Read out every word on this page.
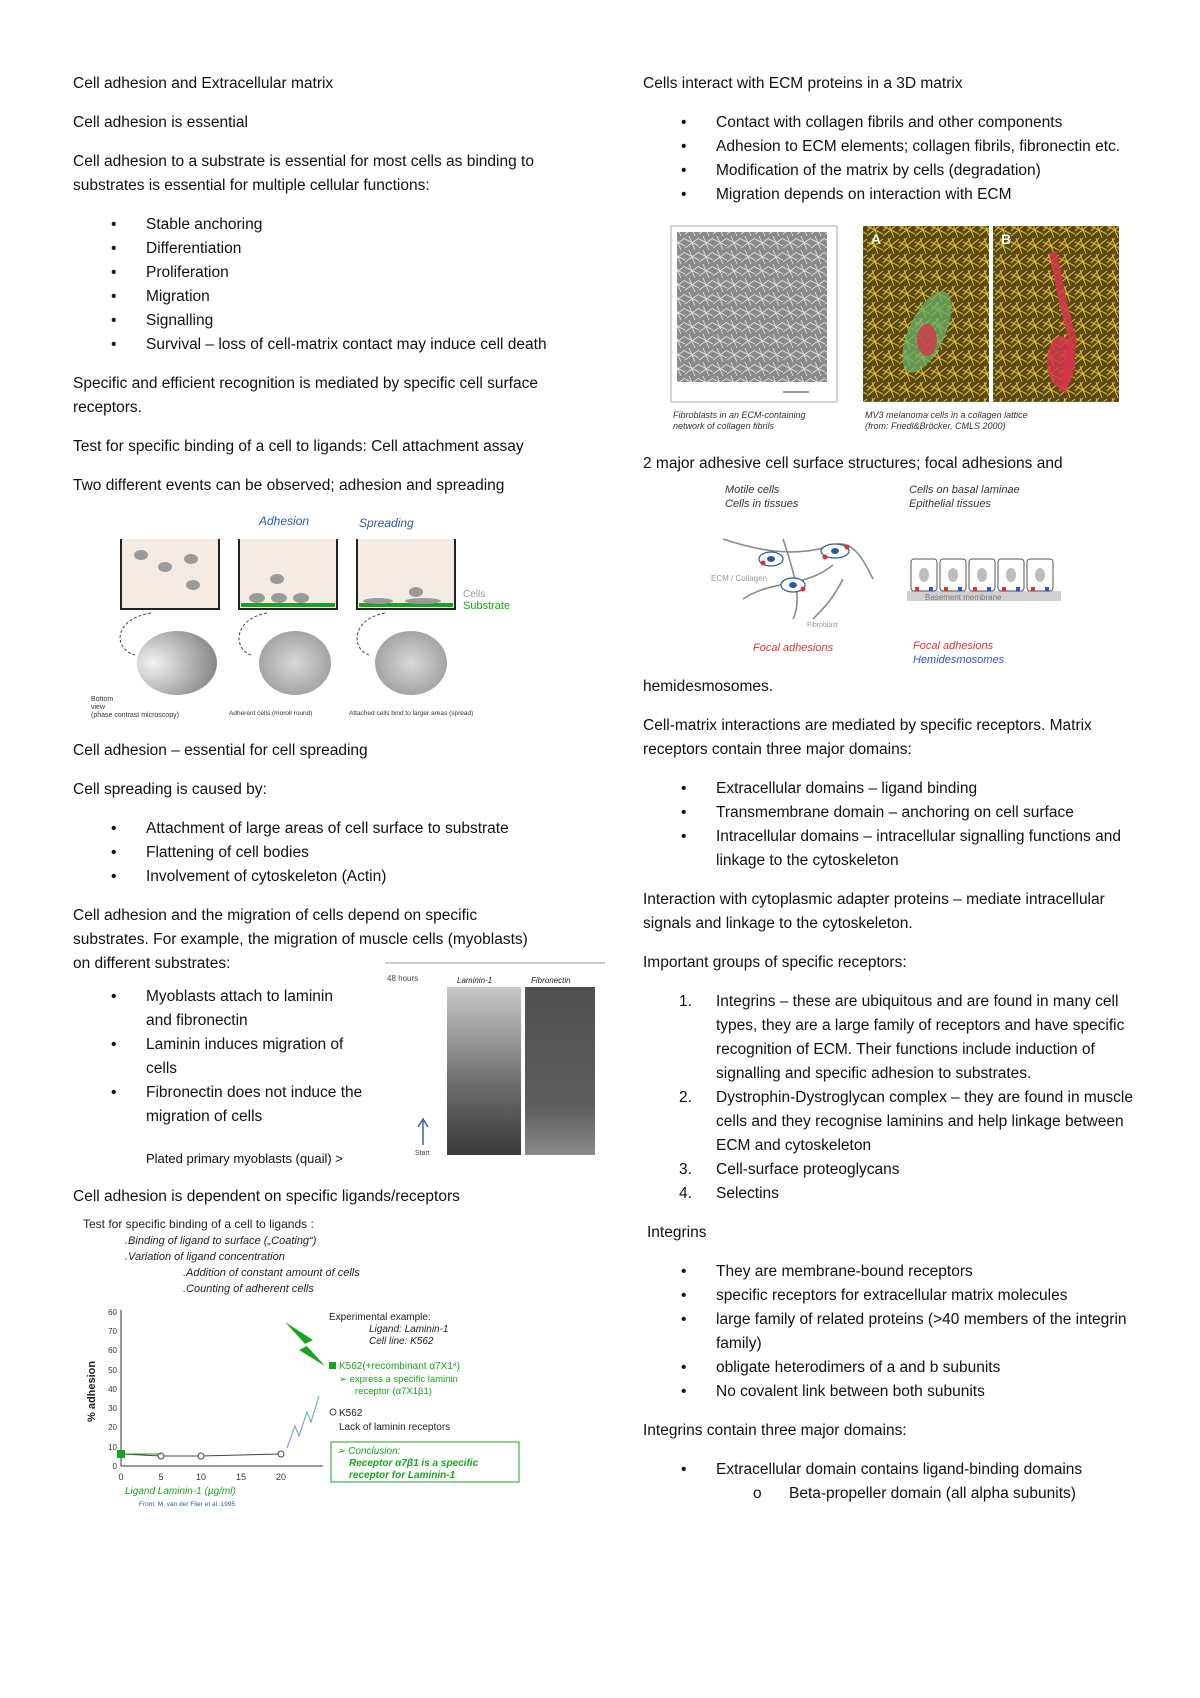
Cell adhesion and Extracellular matrix

Cell adhesion is essential

Cell adhesion to a substrate is essential for most cells as binding to substrates is essential for multiple cellular functions:

• Stable anchoring
• Differentiation
• Proliferation
• Migration
• Signalling
• Survival – loss of cell-matrix contact may induce cell death

Specific and efficient recognition is mediated by specific cell surface receptors.

Test for specific binding of a cell to ligands: Cell attachment assay

Two different events can be observed; adhesion and spreading

Adhesion	Spreading
Cells
Substrate
Bottom view (phase contrast microscopy)	Adherent cells (moroll round)	Attached cells bind to larger areas (spread)

Cell adhesion – essential for cell spreading

Cell spreading is caused by:

• Attachment of large areas of cell surface to substrate
• Flattening of cell bodies
• Involvement of cytoskeleton (Actin)

Cell adhesion and the migration of cells depend on specific substrates. For example, the migration of muscle cells (myoblasts) on different substrates:

• Myoblasts attach to laminin and fibronectin
• Laminin induces migration of cells
• Fibronectin does not induce the migration of cells
Plated primary myoblasts (quail) >
48 hours	Laminin-1	Fibronectin
Start

Cell adhesion is dependent on specific ligands/receptors

Test for specific binding of a cell to ligands :
.Binding of ligand to surface („Coating“)
.Variation of ligand concentration
.Addition of constant amount of cells
.Counting of adherent cells
60
70
60
50
40
30
20
10
0
0	5	10	15	20
% adhesion
Ligand Laminin-1 (µg/ml)
Experimental example:
Ligand: Laminin-1
Cell line: K562
K562(+recombinant α7X1ᵃ)
➢ express a specific laminin receptor (α7X1β1)
K562
Lack of laminin receptors
➢ Conclusion:
Receptor α7β1 is a specific receptor for Laminin-1
From: M. van der Flier et al. 1995

Cells interact with ECM proteins in a 3D matrix

• Contact with collagen fibrils and other components
• Adhesion to ECM elements; collagen fibrils, fibronectin etc.
• Modification of the matrix by cells (degradation)
• Migration depends on interaction with ECM
A	B
Fibroblasts in an ECM-containing network of collagen fibrils
MV3 melanoma cells in a collagen lattice (from: Friedl&Bröcker, CMLS 2000)

2 major adhesive cell surface structures; focal adhesions and

Motile cells
Cells in tissues
Cells on basal laminae
Epithelial tissues
ECM / Collagen
Fibroblast
Focal adhesions
Basement membrane
Focal adhesions
Hemidesmosomes

hemidesmosomes.

Cell-matrix interactions are mediated by specific receptors. Matrix receptors contain three major domains:

• Extracellular domains – ligand binding
• Transmembrane domain – anchoring on cell surface
• Intracellular domains – intracellular signalling functions and linkage to the cytoskeleton

Interaction with cytoplasmic adapter proteins – mediate intracellular signals and linkage to the cytoskeleton.

Important groups of specific receptors:

1. Integrins – these are ubiquitous and are found in many cell types, they are a large family of receptors and have specific recognition of ECM. Their functions include induction of signalling and specific adhesion to substrates.
2. Dystrophin-Dystroglycan complex – they are found in muscle cells and they recognise laminins and help linkage between ECM and cytoskeleton
3. Cell-surface proteoglycans
4. Selectins

Integrins

• They are membrane-bound receptors
• specific receptors for extracellular matrix molecules
• large family of related proteins (>40 members of the integrin family)
• obligate heterodimers of a and b subunits
• No covalent link between both subunits

Integrins contain three major domains:

• Extracellular domain contains ligand-binding domains
o Beta-propeller domain (all alpha subunits)
